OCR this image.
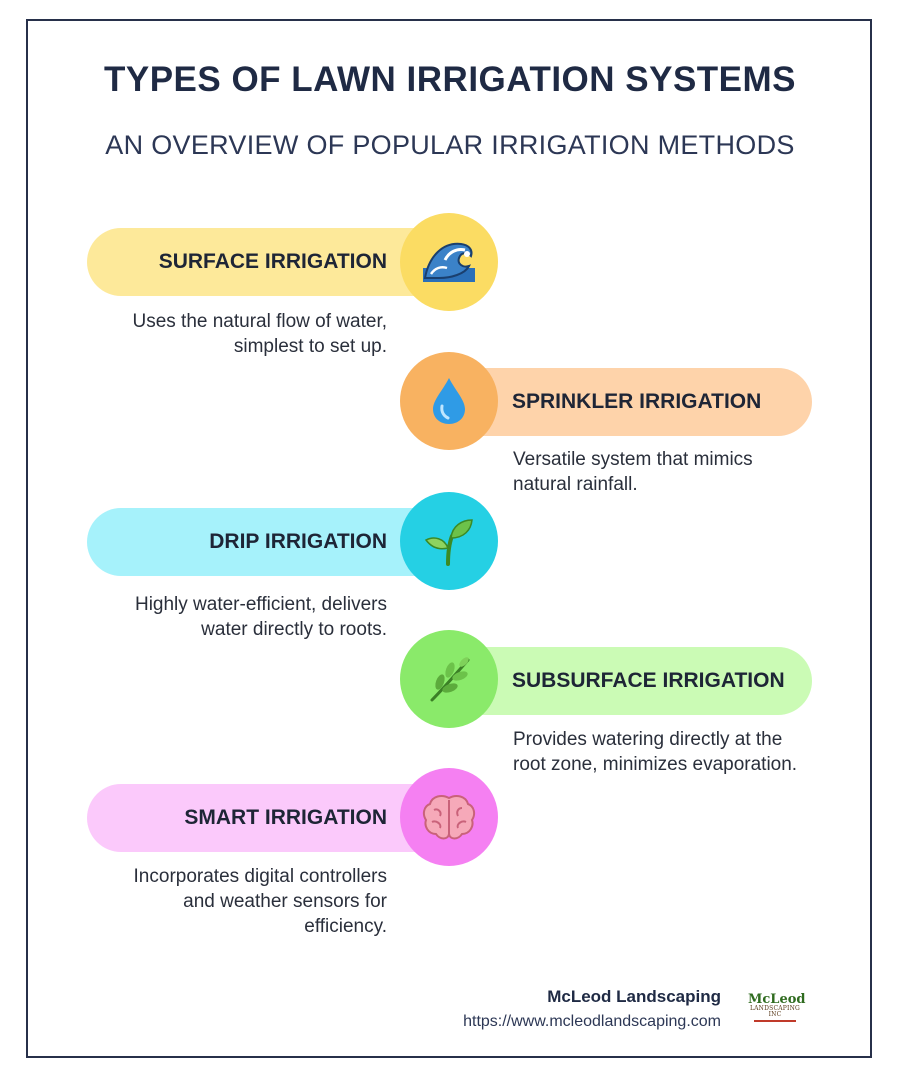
TYPES OF LAWN IRRIGATION SYSTEMS
AN OVERVIEW OF POPULAR IRRIGATION METHODS
SURFACE IRRIGATION
Uses the natural flow of water, simplest to set up.
SPRINKLER IRRIGATION
Versatile system that mimics natural rainfall.
DRIP IRRIGATION
Highly water-efficient, delivers water directly to roots.
SUBSURFACE IRRIGATION
Provides watering directly at the root zone, minimizes evaporation.
SMART IRRIGATION
Incorporates digital controllers and weather sensors for efficiency.
McLeod Landscaping
https://www.mcleodlandscaping.com
McLeod
LANDSCAPING INC
